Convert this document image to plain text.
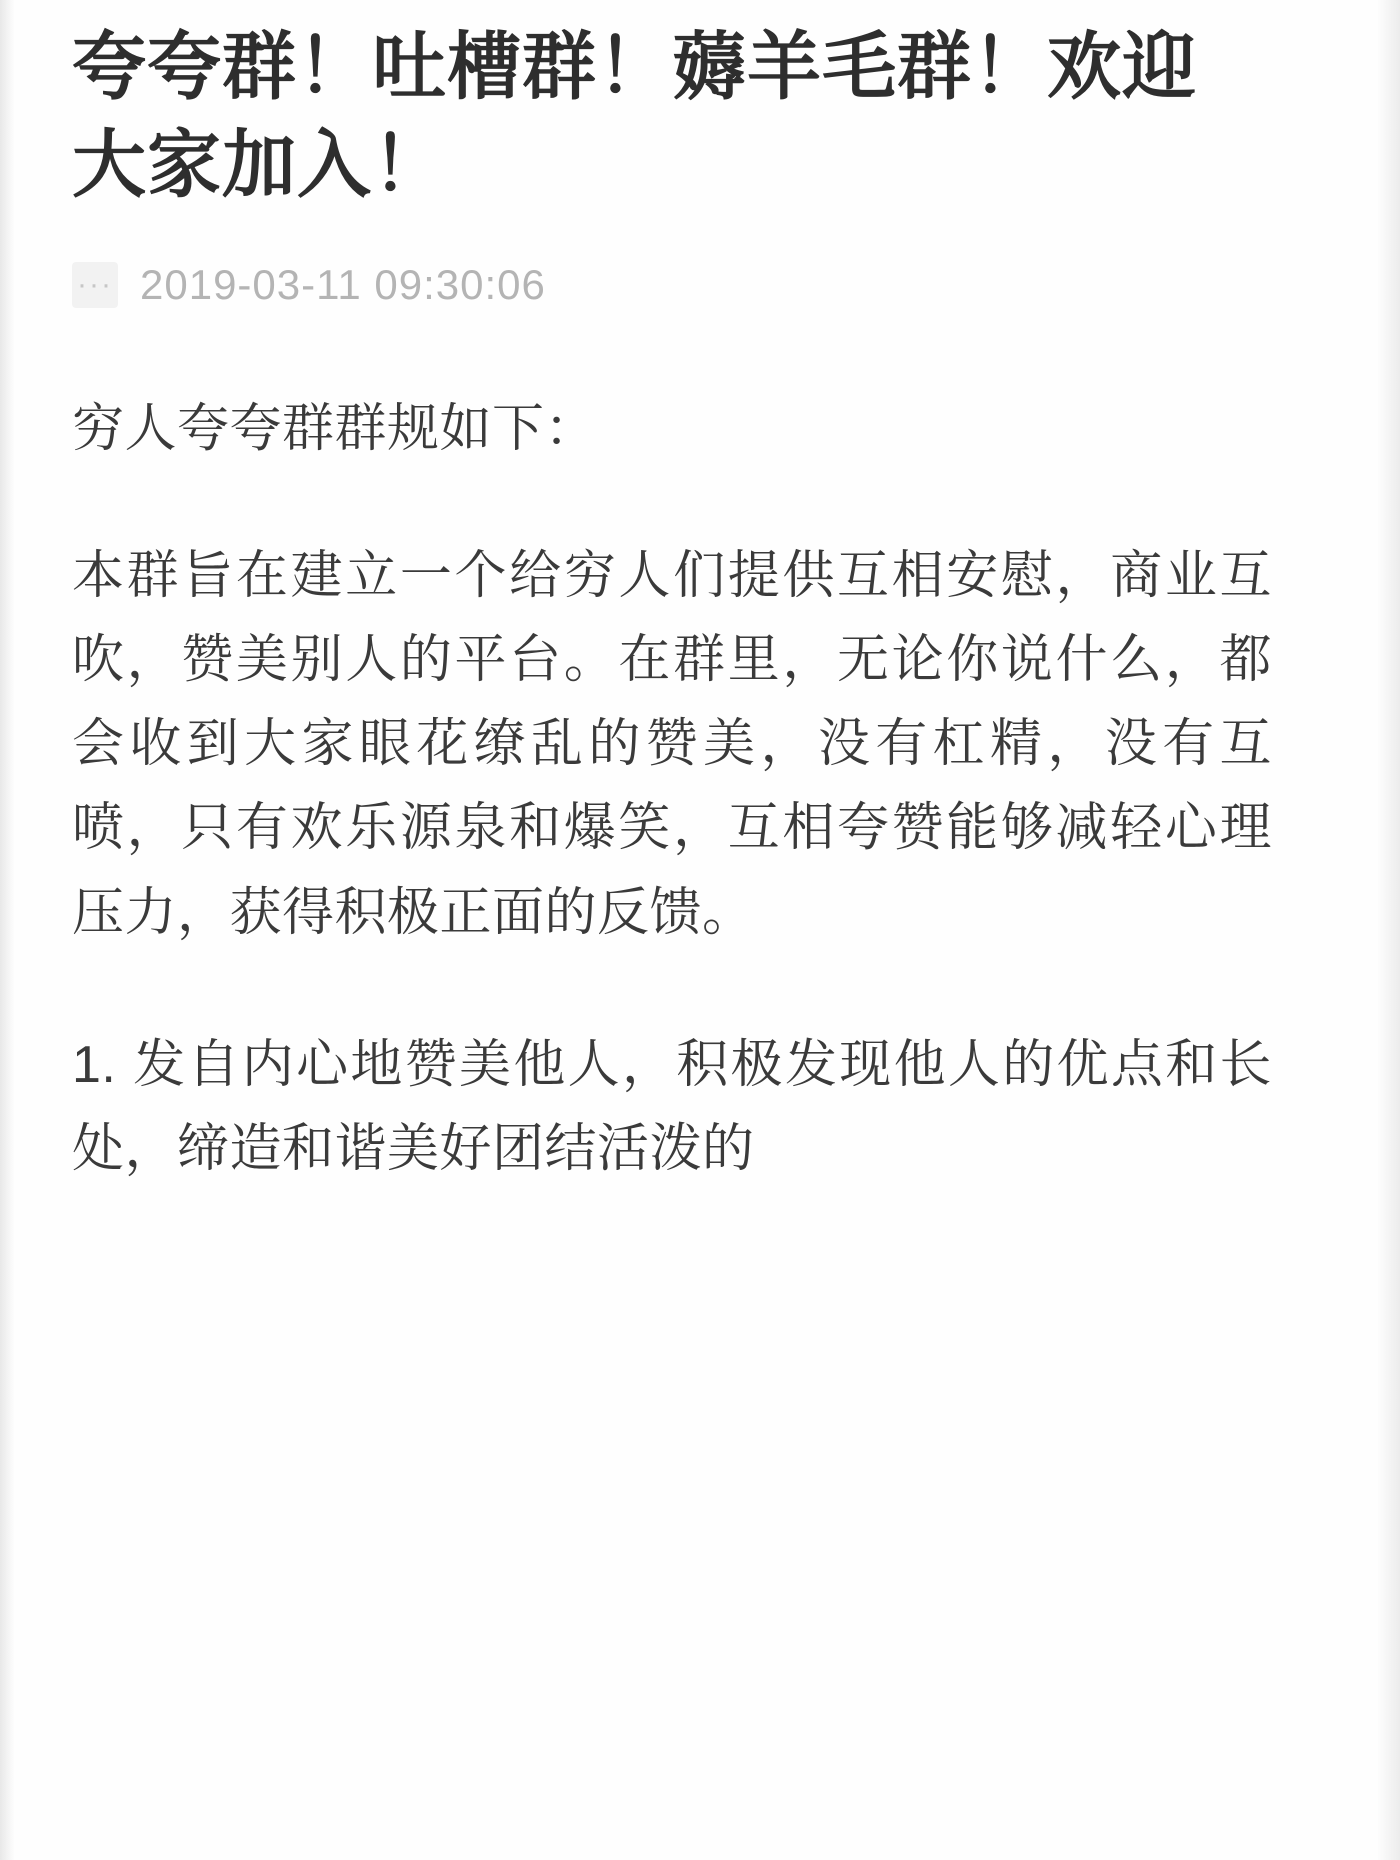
夸夸群！吐槽群！薅羊毛群！欢迎大家加入！
··· 2019-03-11 09:30:06

穷人夸夸群群规如下：

本群旨在建立一个给穷人们提供互相安慰，商业互吹，赞美别人的平台。在群里，无论你说什么，都会收到大家眼花缭乱的赞美，没有杠精，没有互喷，只有欢乐源泉和爆笑，互相夸赞能够减轻心理压力，获得积极正面的反馈。

1. 发自内心地赞美他人，积极发现他人的优点和长处，缔造和谐美好团结活泼的
